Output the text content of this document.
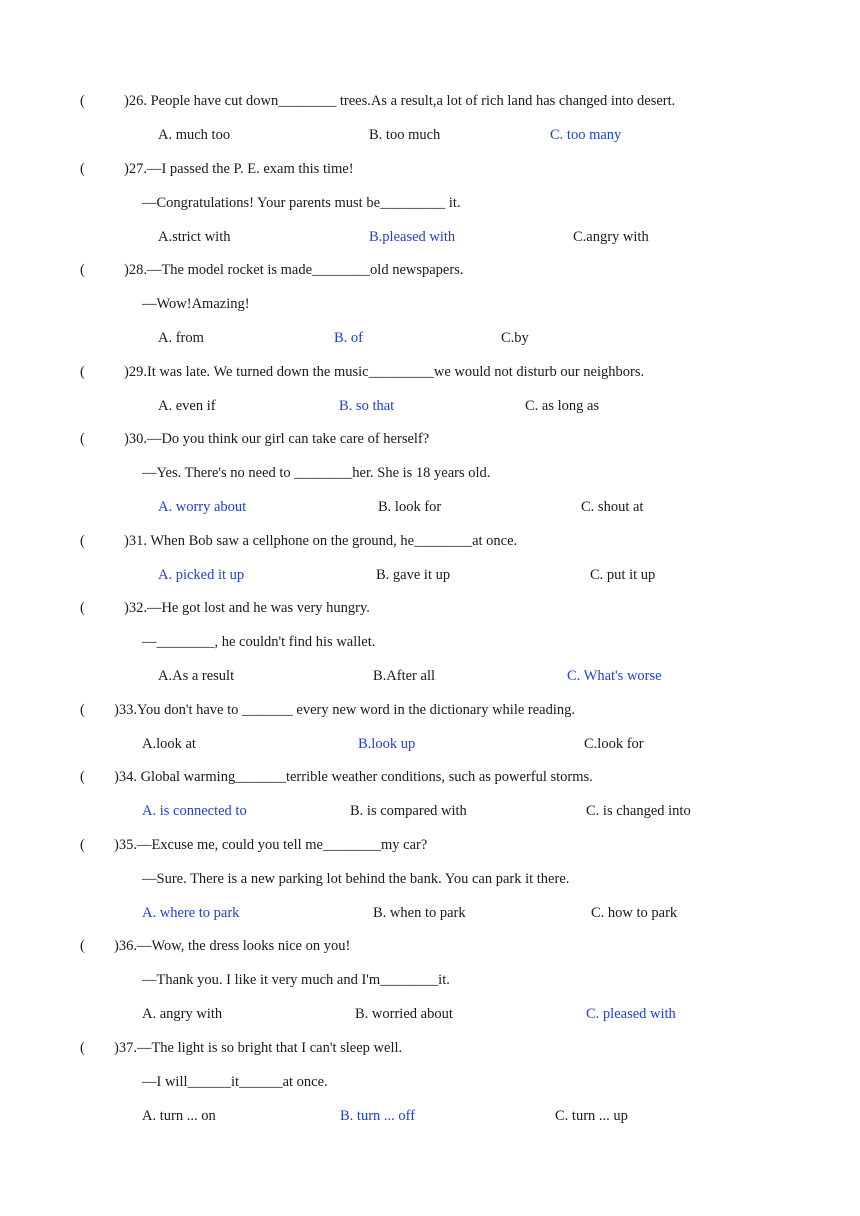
(	)26. People have cut down________ trees.As a result,a lot of rich land has changed into desert.
A. much too	B. too much	C. too many
(	)27.—I passed the P. E. exam this time!
—Congratulations! Your parents must be_________ it.
A.strict with	B.pleased with	C.angry with
(	)28.—The model rocket is made________old newspapers.
—Wow!Amazing!
A. from	B. of	C.by
(	)29.It was late. We turned down the music_________we would not disturb our neighbors.
A. even if	B. so that	C. as long as
(	)30.—Do you think our girl can take care of herself?
—Yes. There's no need to ________her. She is 18 years old.
A. worry about	B. look for	C. shout at
(	)31. When Bob saw a cellphone on the ground, he________at once.
A. picked it up	B. gave it up	C. put it up
(	)32.—He got lost and he was very hungry.
—________, he couldn't find his wallet.
A.As a result	B.After all	C. What's worse
( )33.You don't have to _______ every new word in the dictionary while reading.
A.look at	B.look up	C.look for
( )34. Global warming_______terrible weather conditions, such as powerful storms.
A. is connected to	B. is compared with	C. is changed into
( )35.—Excuse me, could you tell me________my car?
—Sure. There is a new parking lot behind the bank. You can park it there.
A. where to park	B. when to park	C. how to park
( )36.—Wow, the dress looks nice on you!
—Thank you. I like it very much and I'm________it.
A. angry with	B. worried about	C. pleased with
( )37.—The light is so bright that I can't sleep well.
—I will______it______at once.
A. turn ... on	B. turn ... off	C. turn ... up
